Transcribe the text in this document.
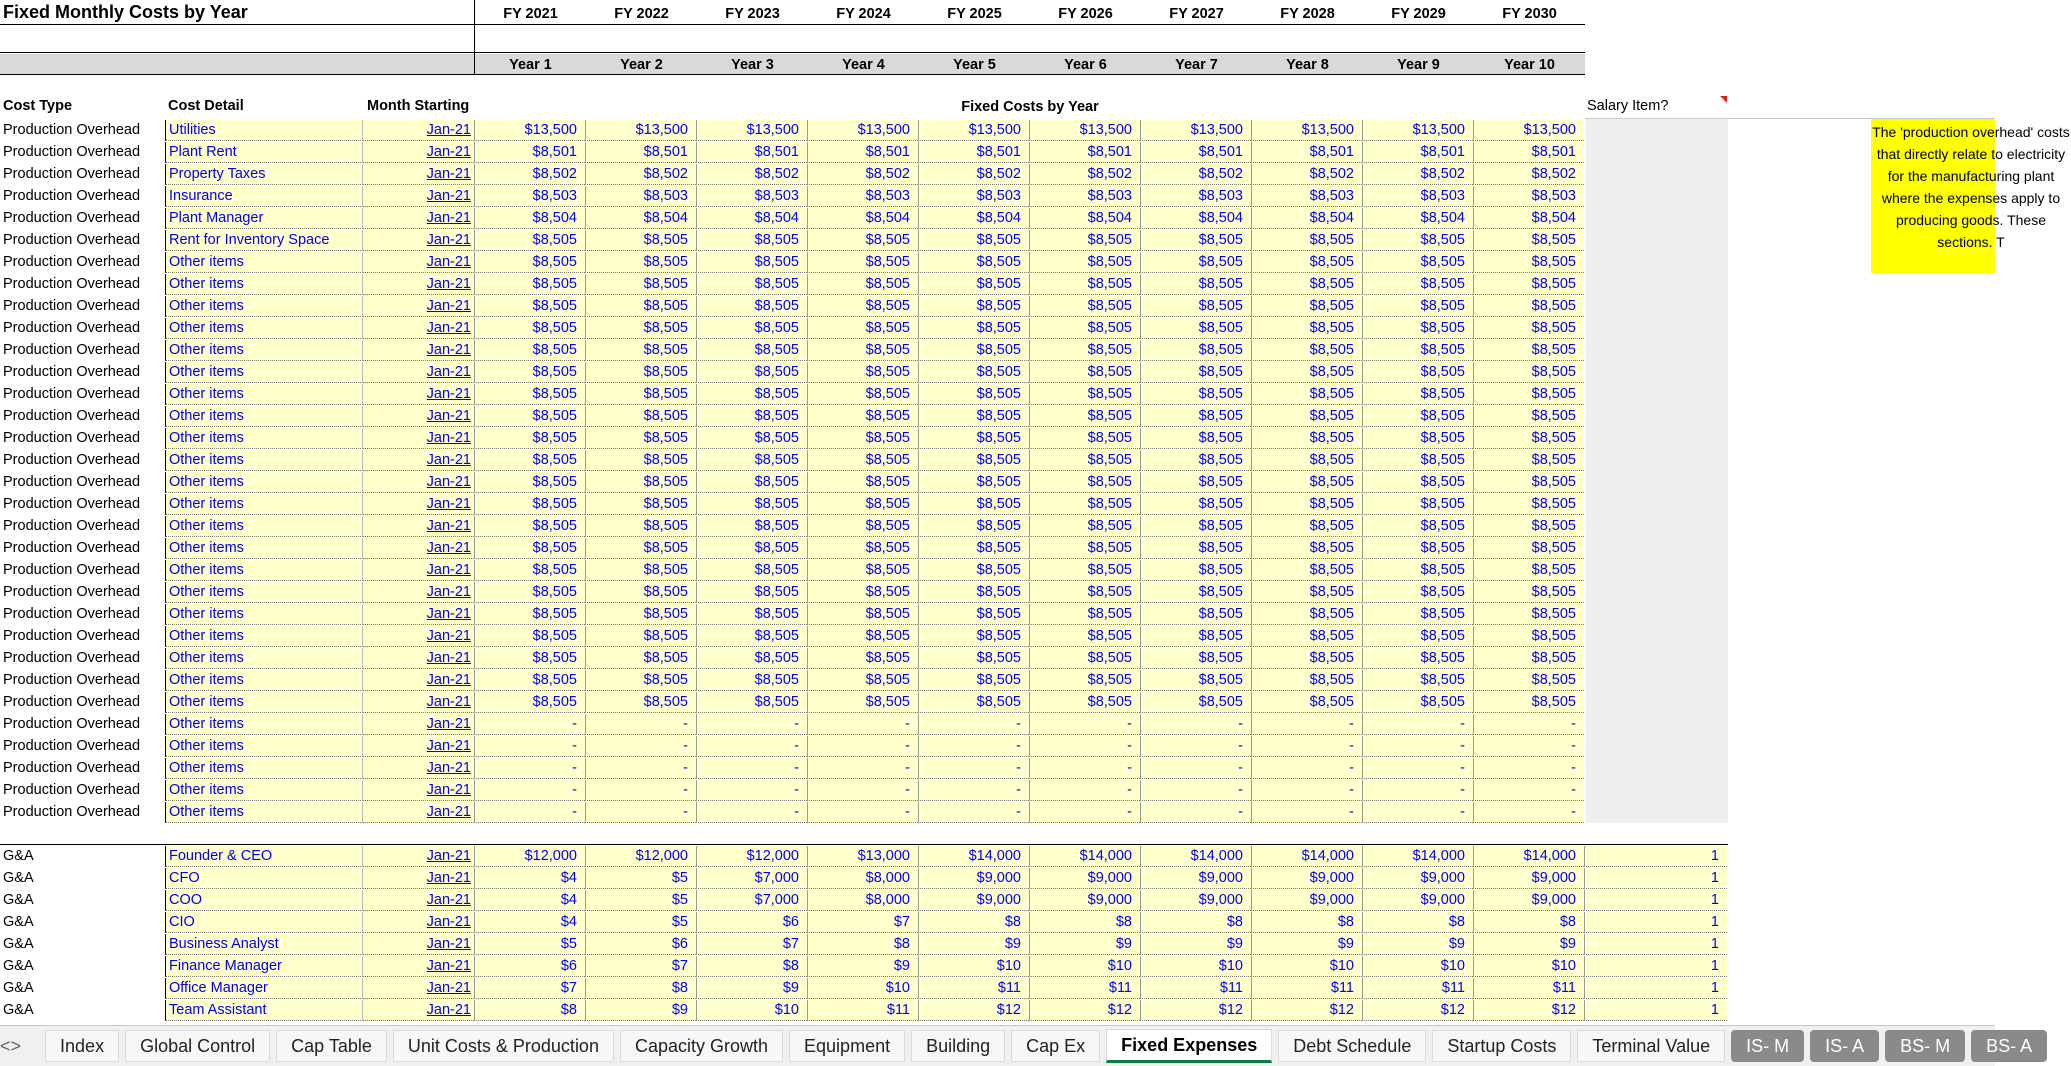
Fixed Monthly Costs by Year	FY 2021	FY 2022	FY 2023	FY 2024	FY 2025	FY 2026	FY 2027	FY 2028	FY 2029	FY 2030
Year 1	Year 2	Year 3	Year 4	Year 5	Year 6	Year 7	Year 8	Year 9	Year 10
Cost Type	Cost Detail	Month Starting	Fixed Costs by Year	Salary Item?
The 'production overhead' costs that directly relate to electricity for the manufacturing plant where the expenses apply to producing goods. These sections. T
Production Overhead	Utilities	Jan-21	$13,500	$13,500	$13,500	$13,500	$13,500	$13,500	$13,500	$13,500	$13,500	$13,500
Production Overhead	Plant Rent	Jan-21	$8,501	$8,501	$8,501	$8,501	$8,501	$8,501	$8,501	$8,501	$8,501	$8,501
Production Overhead	Property Taxes	Jan-21	$8,502	$8,502	$8,502	$8,502	$8,502	$8,502	$8,502	$8,502	$8,502	$8,502
Production Overhead	Insurance	Jan-21	$8,503	$8,503	$8,503	$8,503	$8,503	$8,503	$8,503	$8,503	$8,503	$8,503
Production Overhead	Plant Manager	Jan-21	$8,504	$8,504	$8,504	$8,504	$8,504	$8,504	$8,504	$8,504	$8,504	$8,504
Production Overhead	Rent for Inventory Space	Jan-21	$8,505	$8,505	$8,505	$8,505	$8,505	$8,505	$8,505	$8,505	$8,505	$8,505
Production Overhead	Other items	Jan-21	$8,505	$8,505	$8,505	$8,505	$8,505	$8,505	$8,505	$8,505	$8,505	$8,505
Production Overhead	Other items	Jan-21	$8,505	$8,505	$8,505	$8,505	$8,505	$8,505	$8,505	$8,505	$8,505	$8,505
Production Overhead	Other items	Jan-21	$8,505	$8,505	$8,505	$8,505	$8,505	$8,505	$8,505	$8,505	$8,505	$8,505
Production Overhead	Other items	Jan-21	$8,505	$8,505	$8,505	$8,505	$8,505	$8,505	$8,505	$8,505	$8,505	$8,505
Production Overhead	Other items	Jan-21	$8,505	$8,505	$8,505	$8,505	$8,505	$8,505	$8,505	$8,505	$8,505	$8,505
Production Overhead	Other items	Jan-21	$8,505	$8,505	$8,505	$8,505	$8,505	$8,505	$8,505	$8,505	$8,505	$8,505
Production Overhead	Other items	Jan-21	$8,505	$8,505	$8,505	$8,505	$8,505	$8,505	$8,505	$8,505	$8,505	$8,505
Production Overhead	Other items	Jan-21	$8,505	$8,505	$8,505	$8,505	$8,505	$8,505	$8,505	$8,505	$8,505	$8,505
Production Overhead	Other items	Jan-21	$8,505	$8,505	$8,505	$8,505	$8,505	$8,505	$8,505	$8,505	$8,505	$8,505
Production Overhead	Other items	Jan-21	$8,505	$8,505	$8,505	$8,505	$8,505	$8,505	$8,505	$8,505	$8,505	$8,505
Production Overhead	Other items	Jan-21	$8,505	$8,505	$8,505	$8,505	$8,505	$8,505	$8,505	$8,505	$8,505	$8,505
Production Overhead	Other items	Jan-21	$8,505	$8,505	$8,505	$8,505	$8,505	$8,505	$8,505	$8,505	$8,505	$8,505
Production Overhead	Other items	Jan-21	$8,505	$8,505	$8,505	$8,505	$8,505	$8,505	$8,505	$8,505	$8,505	$8,505
Production Overhead	Other items	Jan-21	$8,505	$8,505	$8,505	$8,505	$8,505	$8,505	$8,505	$8,505	$8,505	$8,505
Production Overhead	Other items	Jan-21	$8,505	$8,505	$8,505	$8,505	$8,505	$8,505	$8,505	$8,505	$8,505	$8,505
Production Overhead	Other items	Jan-21	$8,505	$8,505	$8,505	$8,505	$8,505	$8,505	$8,505	$8,505	$8,505	$8,505
Production Overhead	Other items	Jan-21	$8,505	$8,505	$8,505	$8,505	$8,505	$8,505	$8,505	$8,505	$8,505	$8,505
Production Overhead	Other items	Jan-21	$8,505	$8,505	$8,505	$8,505	$8,505	$8,505	$8,505	$8,505	$8,505	$8,505
Production Overhead	Other items	Jan-21	$8,505	$8,505	$8,505	$8,505	$8,505	$8,505	$8,505	$8,505	$8,505	$8,505
Production Overhead	Other items	Jan-21	$8,505	$8,505	$8,505	$8,505	$8,505	$8,505	$8,505	$8,505	$8,505	$8,505
Production Overhead	Other items	Jan-21	$8,505	$8,505	$8,505	$8,505	$8,505	$8,505	$8,505	$8,505	$8,505	$8,505
Production Overhead	Other items	Jan-21	-	-	-	-	-	-	-	-	-	-
Production Overhead	Other items	Jan-21	-	-	-	-	-	-	-	-	-	-
Production Overhead	Other items	Jan-21	-	-	-	-	-	-	-	-	-	-
Production Overhead	Other items	Jan-21	-	-	-	-	-	-	-	-	-	-
Production Overhead	Other items	Jan-21	-	-	-	-	-	-	-	-	-	-
G&A	Founder & CEO	Jan-21	$12,000	$12,000	$12,000	$13,000	$14,000	$14,000	$14,000	$14,000	$14,000	$14,000	1
G&A	CFO	Jan-21	$4	$5	$7,000	$8,000	$9,000	$9,000	$9,000	$9,000	$9,000	$9,000	1
G&A	COO	Jan-21	$4	$5	$7,000	$8,000	$9,000	$9,000	$9,000	$9,000	$9,000	$9,000	1
G&A	CIO	Jan-21	$4	$5	$6	$7	$8	$8	$8	$8	$8	$8	1
G&A	Business Analyst	Jan-21	$5	$6	$7	$8	$9	$9	$9	$9	$9	$9	1
G&A	Finance Manager	Jan-21	$6	$7	$8	$9	$10	$10	$10	$10	$10	$10	1
G&A	Office Manager	Jan-21	$7	$8	$9	$10	$11	$11	$11	$11	$11	$11	1
G&A	Team Assistant	Jan-21	$8	$9	$10	$11	$12	$12	$12	$12	$12	$12	1
< >	Index	Global Control	Cap Table	Unit Costs & Production	Capacity Growth	Equipment	Building	Cap Ex	Fixed Expenses	Debt Schedule	Startup Costs	Terminal Value	IS- M	IS- A	BS- M	BS- A
